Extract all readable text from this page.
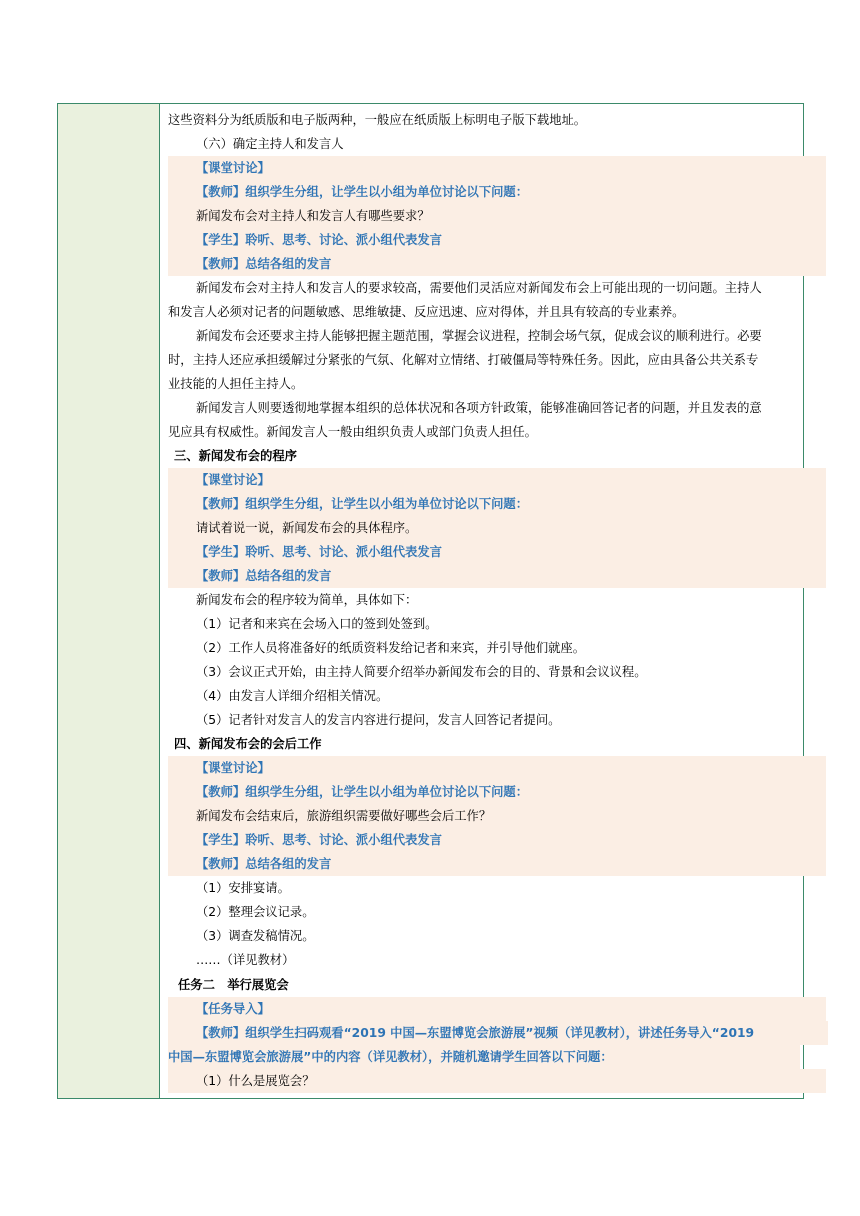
这些资料分为纸质版和电子版两种，一般应在纸质版上标明电子版下载地址。
（六）确定主持人和发言人
【课堂讨论】
【教师】组织学生分组，让学生以小组为单位讨论以下问题：
新闻发布会对主持人和发言人有哪些要求？
【学生】聆听、思考、讨论、派小组代表发言
【教师】总结各组的发言
新闻发布会对主持人和发言人的要求较高，需要他们灵活应对新闻发布会上可能出现的一切问题。主持人
和发言人必须对记者的问题敏感、思维敏捷、反应迅速、应对得体，并且具有较高的专业素养。
新闻发布会还要求主持人能够把握主题范围，掌握会议进程，控制会场气氛，促成会议的顺利进行。必要
时，主持人还应承担缓解过分紧张的气氛、化解对立情绪、打破僵局等特殊任务。因此，应由具备公共关系专
业技能的人担任主持人。
新闻发言人则要透彻地掌握本组织的总体状况和各项方针政策，能够准确回答记者的问题，并且发表的意
见应具有权威性。新闻发言人一般由组织负责人或部门负责人担任。
三、新闻发布会的程序
【课堂讨论】
【教师】组织学生分组，让学生以小组为单位讨论以下问题：
请试着说一说，新闻发布会的具体程序。
【学生】聆听、思考、讨论、派小组代表发言
【教师】总结各组的发言
新闻发布会的程序较为简单，具体如下：
（1）记者和来宾在会场入口的签到处签到。
（2）工作人员将准备好的纸质资料发给记者和来宾，并引导他们就座。
（3）会议正式开始，由主持人简要介绍举办新闻发布会的目的、背景和会议议程。
（4）由发言人详细介绍相关情况。
（5）记者针对发言人的发言内容进行提问，发言人回答记者提问。
四、新闻发布会的会后工作
【课堂讨论】
【教师】组织学生分组，让学生以小组为单位讨论以下问题：
新闻发布会结束后，旅游组织需要做好哪些会后工作？
【学生】聆听、思考、讨论、派小组代表发言
【教师】总结各组的发言
（1）安排宴请。
（2）整理会议记录。
（3）调查发稿情况。
……（详见教材）
任务二　举行展览会
【任务导入】
【教师】组织学生扫码观看“2019 中国—东盟博览会旅游展”视频（详见教材），讲述任务导入“2019
中国—东盟博览会旅游展”中的内容（详见教材），并随机邀请学生回答以下问题：
（1）什么是展览会？
